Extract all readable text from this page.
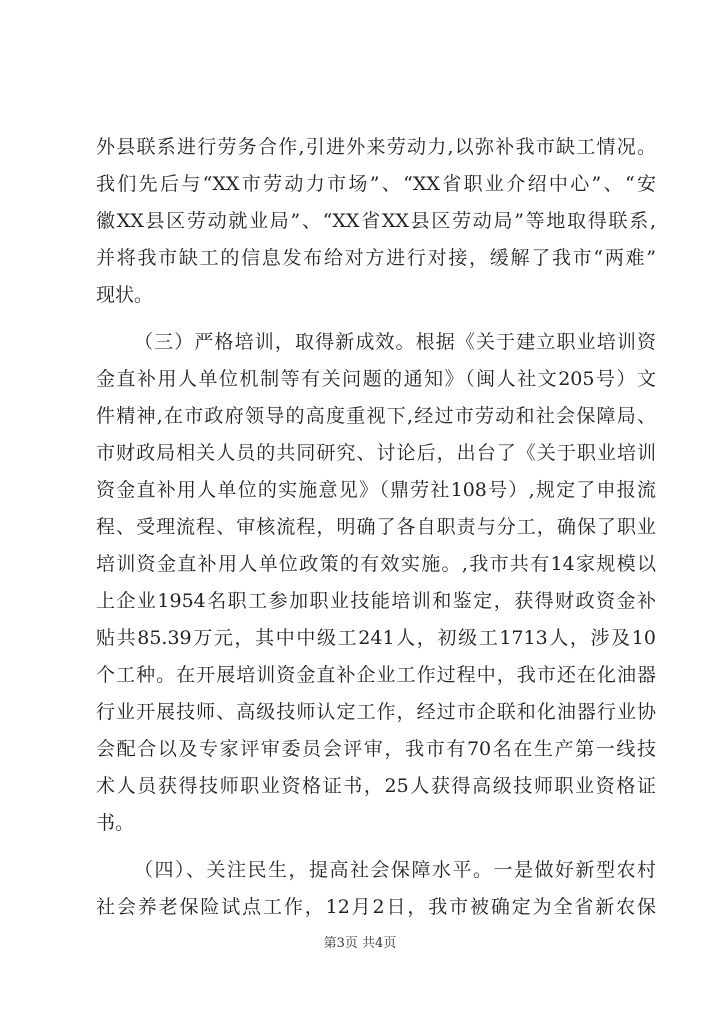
外县联系进行劳务合作,引进外来劳动力,以弥补我市缺工情况。
我们先后与“XX市劳动力市场”、“XX省职业介绍中心”、“安
徽XX县区劳动就业局”、“XX省XX县区劳动局”等地取得联系,
并将我市缺工的信息发布给对方进行对接，缓解了我市“两难”
现状。
（三）严格培训，取得新成效。根据《关于建立职业培训资
金直补用人单位机制等有关问题的通知》（闽人社文205号）文
件精神,在市政府领导的高度重视下,经过市劳动和社会保障局、
市财政局相关人员的共同研究、讨论后，出台了《关于职业培训
资金直补用人单位的实施意见》（鼎劳社108号）,规定了申报流
程、受理流程、审核流程，明确了各自职责与分工，确保了职业
培训资金直补用人单位政策的有效实施。,我市共有14家规模以
上企业1954名职工参加职业技能培训和鉴定，获得财政资金补
贴共85.39万元，其中中级工241人，初级工1713人，涉及10
个工种。在开展培训资金直补企业工作过程中，我市还在化油器
行业开展技师、高级技师认定工作，经过市企联和化油器行业协
会配合以及专家评审委员会评审，我市有70名在生产第一线技
术人员获得技师职业资格证书，25人获得高级技师职业资格证
书。
（四）、关注民生，提高社会保障水平。一是做好新型农村
社会养老保险试点工作，12月2日，我市被确定为全省新农保
第3页 共4页
